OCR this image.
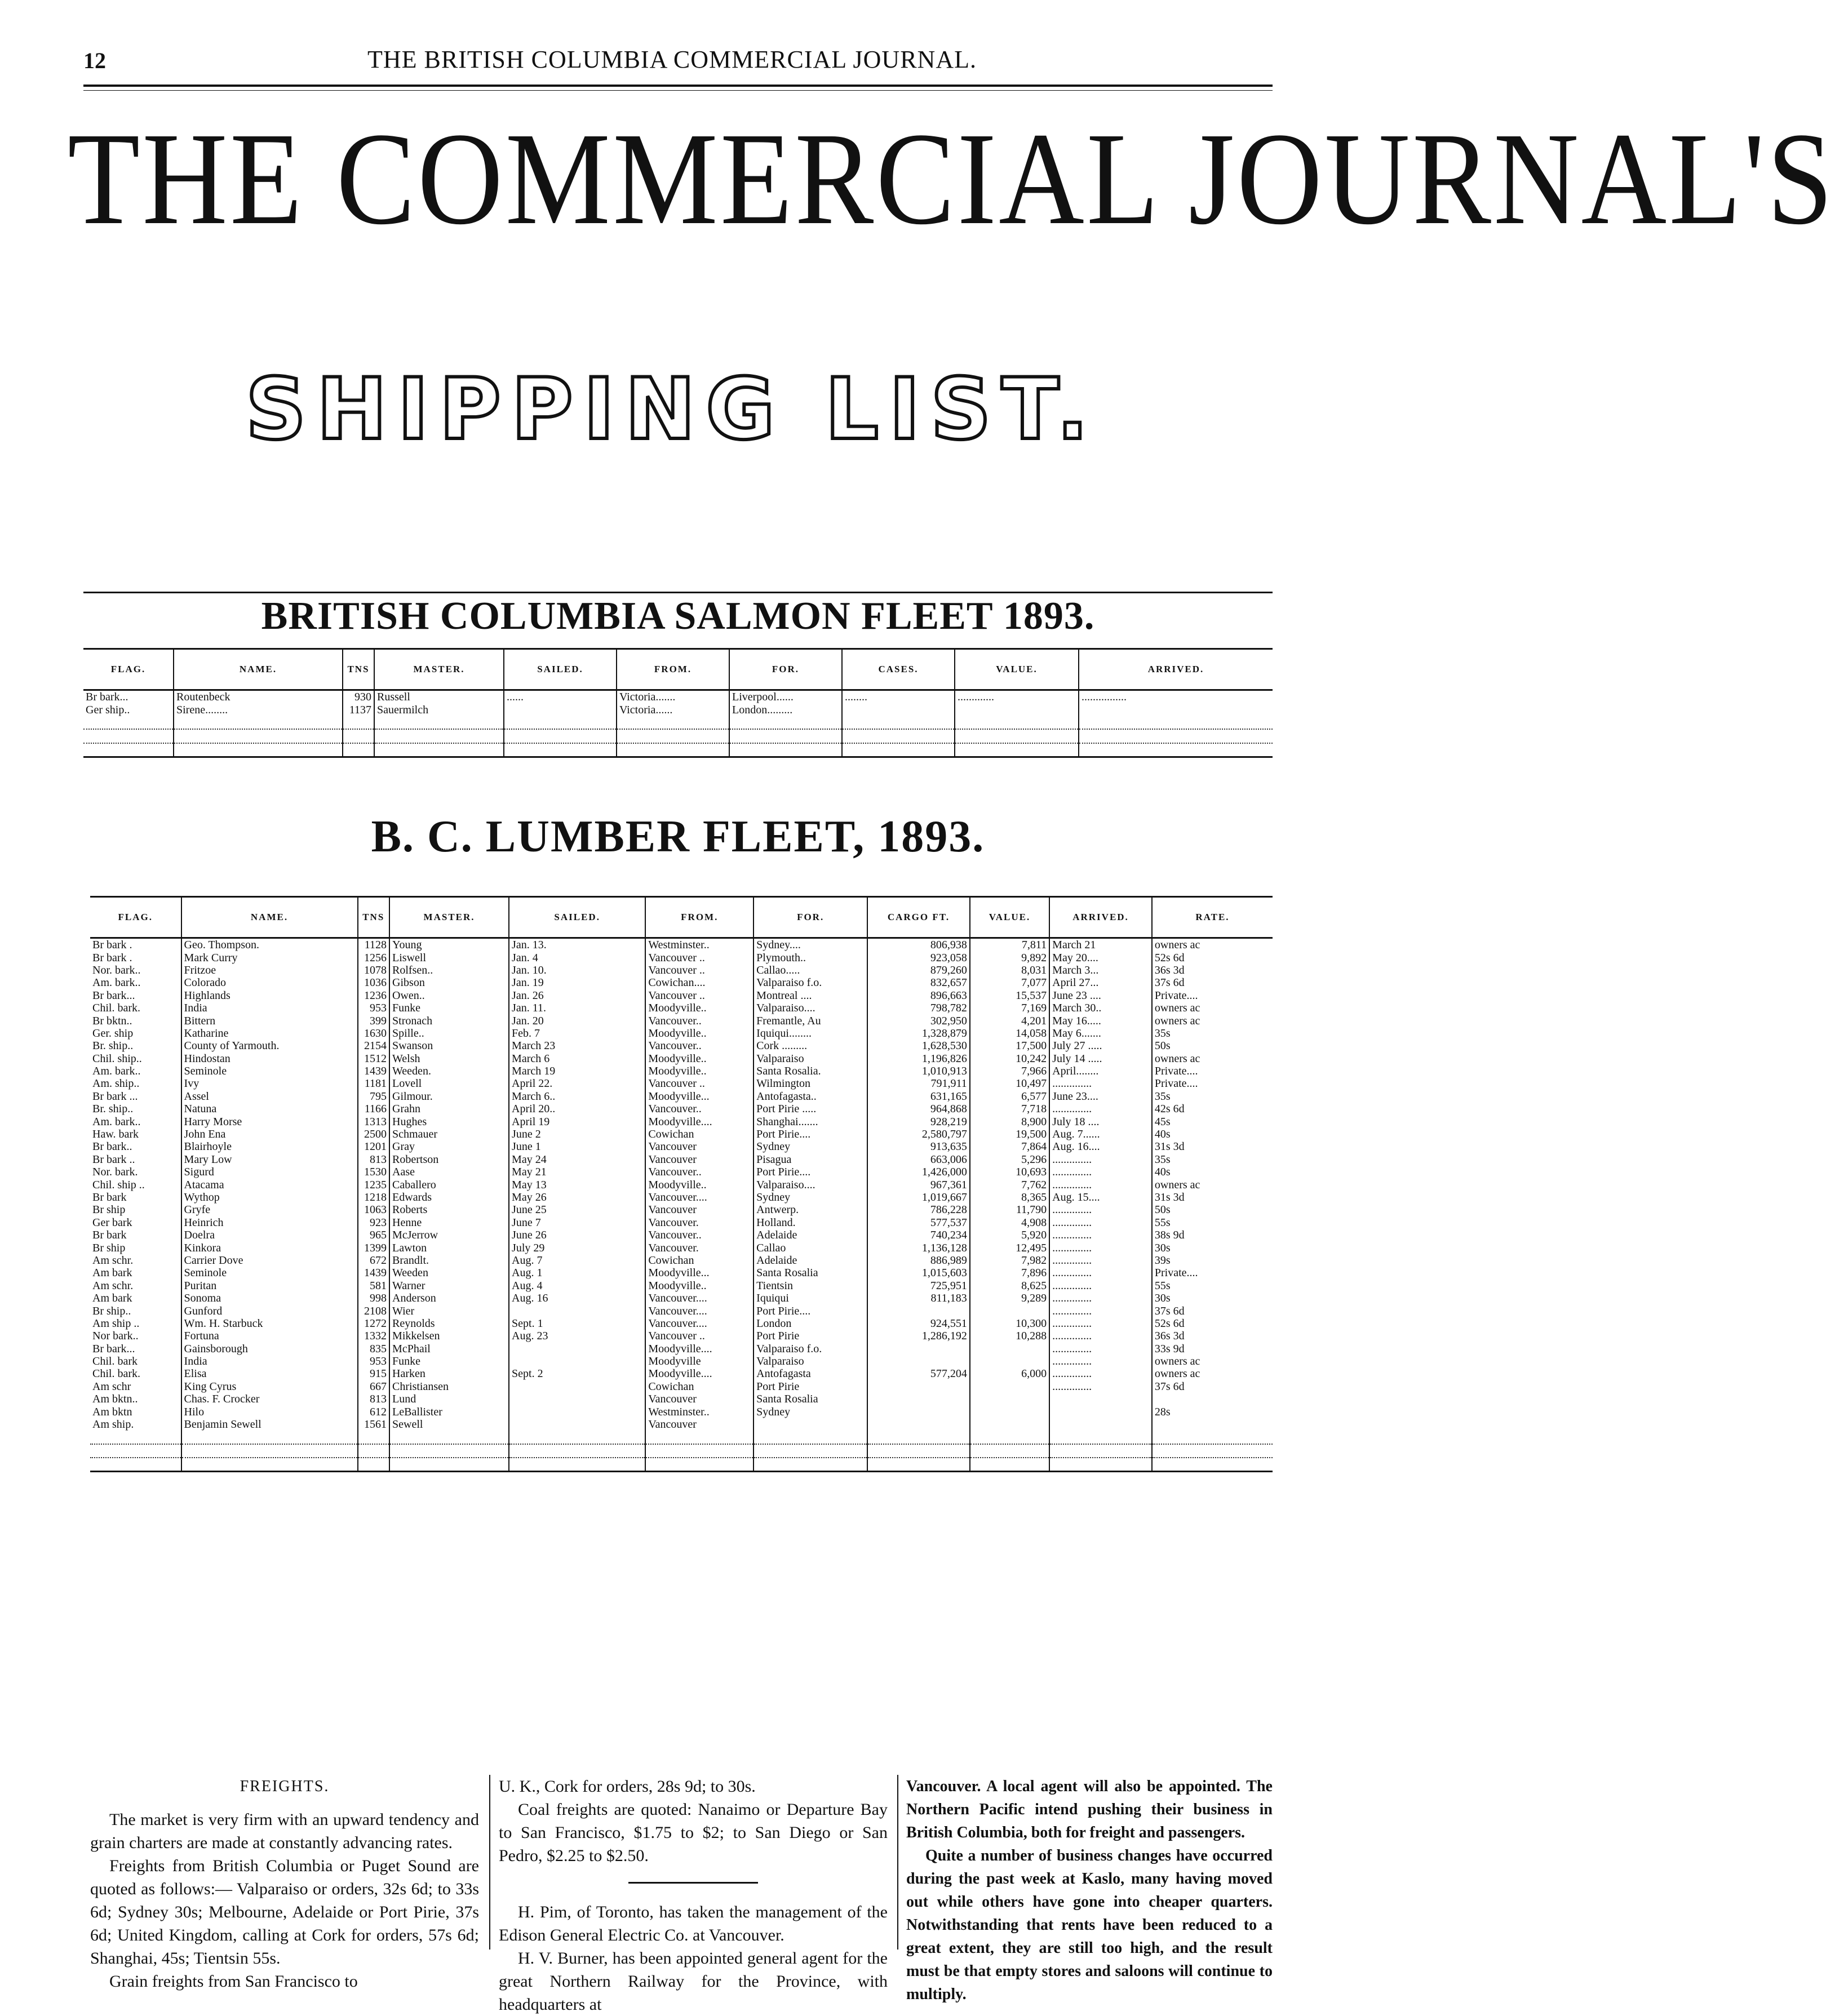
12	THE BRITISH COLUMBIA COMMERCIAL JOURNAL.
THE COMMERCIAL JOURNAL'S
SHIPPING LIST.
BRITISH COLUMBIA SALMON FLEET 1893.
FLAG.	NAME.	TNS	MASTER.	SAILED.	FROM.	FOR.	CASES.	VALUE.	ARRIVED.
Br bark...	Routenbeck	930	Russell	......	Victoria.......	Liverpool......	........	.............	................
Ger ship..	Sirene........	1137	Sauermilch		Victoria......	London.........			

B. C. LUMBER FLEET, 1893.
FLAG.	NAME.	TNS	MASTER.	SAILED.	FROM.	FOR.	CARGO FT.	VALUE.	ARRIVED.	RATE.
Br bark .	Geo. Thompson.	1128	Young	Jan. 13.	Westminster..	Sydney....	806,938	7,811	March 21	owners ac
Br bark .	Mark Curry	1256	Liswell	Jan. 4	Vancouver ..	Plymouth..	923,058	9,892	May 20....	52s 6d
Nor. bark..	Fritzoe	1078	Rolfsen..	Jan. 10.	Vancouver ..	Callao.....	879,260	8,031	March 3...	36s 3d
Am. bark..	Colorado	1036	Gibson	Jan. 19	Cowichan....	Valparaiso f.o.	832,657	7,077	April 27...	37s 6d
Br bark...	Highlands	1236	Owen..	Jan. 26	Vancouver ..	Montreal ....	896,663	15,537	June 23 ....	Private....
Chil. bark.	India	953	Funke	Jan. 11.	Moodyville..	Valparaiso....	798,782	7,169	March 30..	owners ac
Br bktn..	Bittern	399	Stronach	Jan. 20	Vancouver..	Fremantle, Au	302,950	4,201	May 16.....	owners ac
Ger. ship	Katharine	1630	Spille..	Feb. 7	Moodyville..	Iquiqui........	1,328,879	14,058	May 6.......	35s
Br. ship..	County of Yarmouth.	2154	Swanson	March 23	Vancouver..	Cork .........	1,628,530	17,500	July 27 .....	50s
Chil. ship..	Hindostan	1512	Welsh	March 6	Moodyville..	Valparaiso	1,196,826	10,242	July 14 .....	owners ac
Am. bark..	Seminole	1439	Weeden.	March 19	Moodyville..	Santa Rosalia.	1,010,913	7,966	April........	Private....
Am. ship..	Ivy	1181	Lovell	April 22.	Vancouver ..	Wilmington	791,911	10,497	..............	Private....
Br bark ...	Assel	795	Gilmour.	March 6..	Moodyville...	Antofagasta..	631,165	6,577	June 23....	35s
Br. ship..	Natuna	1166	Grahn	April 20..	Vancouver..	Port Pirie .....	964,868	7,718	..............	42s 6d
Am. bark..	Harry Morse	1313	Hughes	April 19	Moodyville....	Shanghai.......	928,219	8,900	July 18 ....	45s
Haw. bark	John Ena	2500	Schmauer	June 2	Cowichan	Port Pirie....	2,580,797	19,500	Aug. 7......	40s
Br bark..	Blairhoyle	1201	Gray	June 1	Vancouver	Sydney	913,635	7,864	Aug. 16....	31s 3d
Br bark ..	Mary Low	813	Robertson	May 24	Vancouver	Pisagua	663,006	5,296	..............	35s
Nor. bark.	Sigurd	1530	Aase	May 21	Vancouver..	Port Pirie....	1,426,000	10,693	..............	40s
Chil. ship ..	Atacama	1235	Caballero	May 13	Moodyville..	Valparaiso....	967,361	7,762	..............	owners ac
Br bark	Wythop	1218	Edwards	May 26	Vancouver....	Sydney	1,019,667	8,365	Aug. 15....	31s 3d
Br ship	Gryfe	1063	Roberts	June 25	Vancouver	Antwerp.	786,228	11,790	..............	50s
Ger bark	Heinrich	923	Henne	June 7	Vancouver.	Holland.	577,537	4,908	..............	55s
Br bark	Doelra	965	McJerrow	June 26	Vancouver..	Adelaide	740,234	5,920	..............	38s 9d
Br ship	Kinkora	1399	Lawton	July 29	Vancouver.	Callao	1,136,128	12,495	..............	30s
Am schr.	Carrier Dove	672	Brandlt.	Aug. 7	Cowichan	Adelaide	886,989	7,982	..............	39s
Am bark	Seminole	1439	Weeden	Aug. 1	Moodyville...	Santa Rosalia	1,015,603	7,896	..............	Private....
Am schr.	Puritan	581	Warner	Aug. 4	Moodyville..	Tientsin	725,951	8,625	..............	55s
Am bark	Sonoma	998	Anderson	Aug. 16	Vancouver....	Iquiqui	811,183	9,289	..............	30s
Br ship..	Gunford	2108	Wier		Vancouver....	Port Pirie....			..............	37s 6d
Am ship ..	Wm. H. Starbuck	1272	Reynolds	Sept. 1	Vancouver....	London	924,551	10,300	..............	52s 6d
Nor bark..	Fortuna	1332	Mikkelsen	Aug. 23	Vancouver ..	Port Pirie	1,286,192	10,288	..............	36s 3d
Br bark...	Gainsborough	835	McPhail		Moodyville....	Valparaiso f.o.			..............	33s 9d
Chil. bark	India	953	Funke		Moodyville	Valparaiso			..............	owners ac
Chil. bark.	Elisa	915	Harken	Sept. 2	Moodyville....	Antofagasta	577,204	6,000	..............	owners ac
Am schr	King Cyrus	667	Christiansen		Cowichan	Port Pirie			..............	37s 6d
Am bktn..	Chas. F. Crocker	813	Lund		Vancouver	Santa Rosalia				
Am bktn	Hilo	612	LeBallister		Westminster..	Sydney				28s
Am ship.	Benjamin Sewell	1561	Sewell		Vancouver					

FREIGHTS.

The market is very firm with an upward tendency and grain charters are made at constantly advancing rates.

Freights from British Columbia or Puget Sound are quoted as follows:— Valparaiso or orders, 32s 6d; to 33s 6d; Sydney 30s; Melbourne, Adelaide or Port Pirie, 37s 6d; United Kingdom, calling at Cork for orders, 57s 6d; Shanghai, 45s; Tientsin 55s.

Grain freights from San Francisco to

U. K., Cork for orders, 28s 9d; to 30s.

Coal freights are quoted: Nanaimo or Departure Bay to San Francisco, $1.75 to $2; to San Diego or San Pedro, $2.25 to $2.50.

H. Pim, of Toronto, has taken the management of the Edison General Electric Co. at Vancouver.

H. V. Burner, has been appointed general agent for the great Northern Railway for the Province, with headquarters at

Vancouver. A local agent will also be appointed. The Northern Pacific intend pushing their business in British Columbia, both for freight and passengers.

Quite a number of business changes have occurred during the past week at Kaslo, many having moved out while others have gone into cheaper quarters. Notwithstanding that rents have been reduced to a great extent, they are still too high, and the result must be that empty stores and saloons will continue to multiply.
